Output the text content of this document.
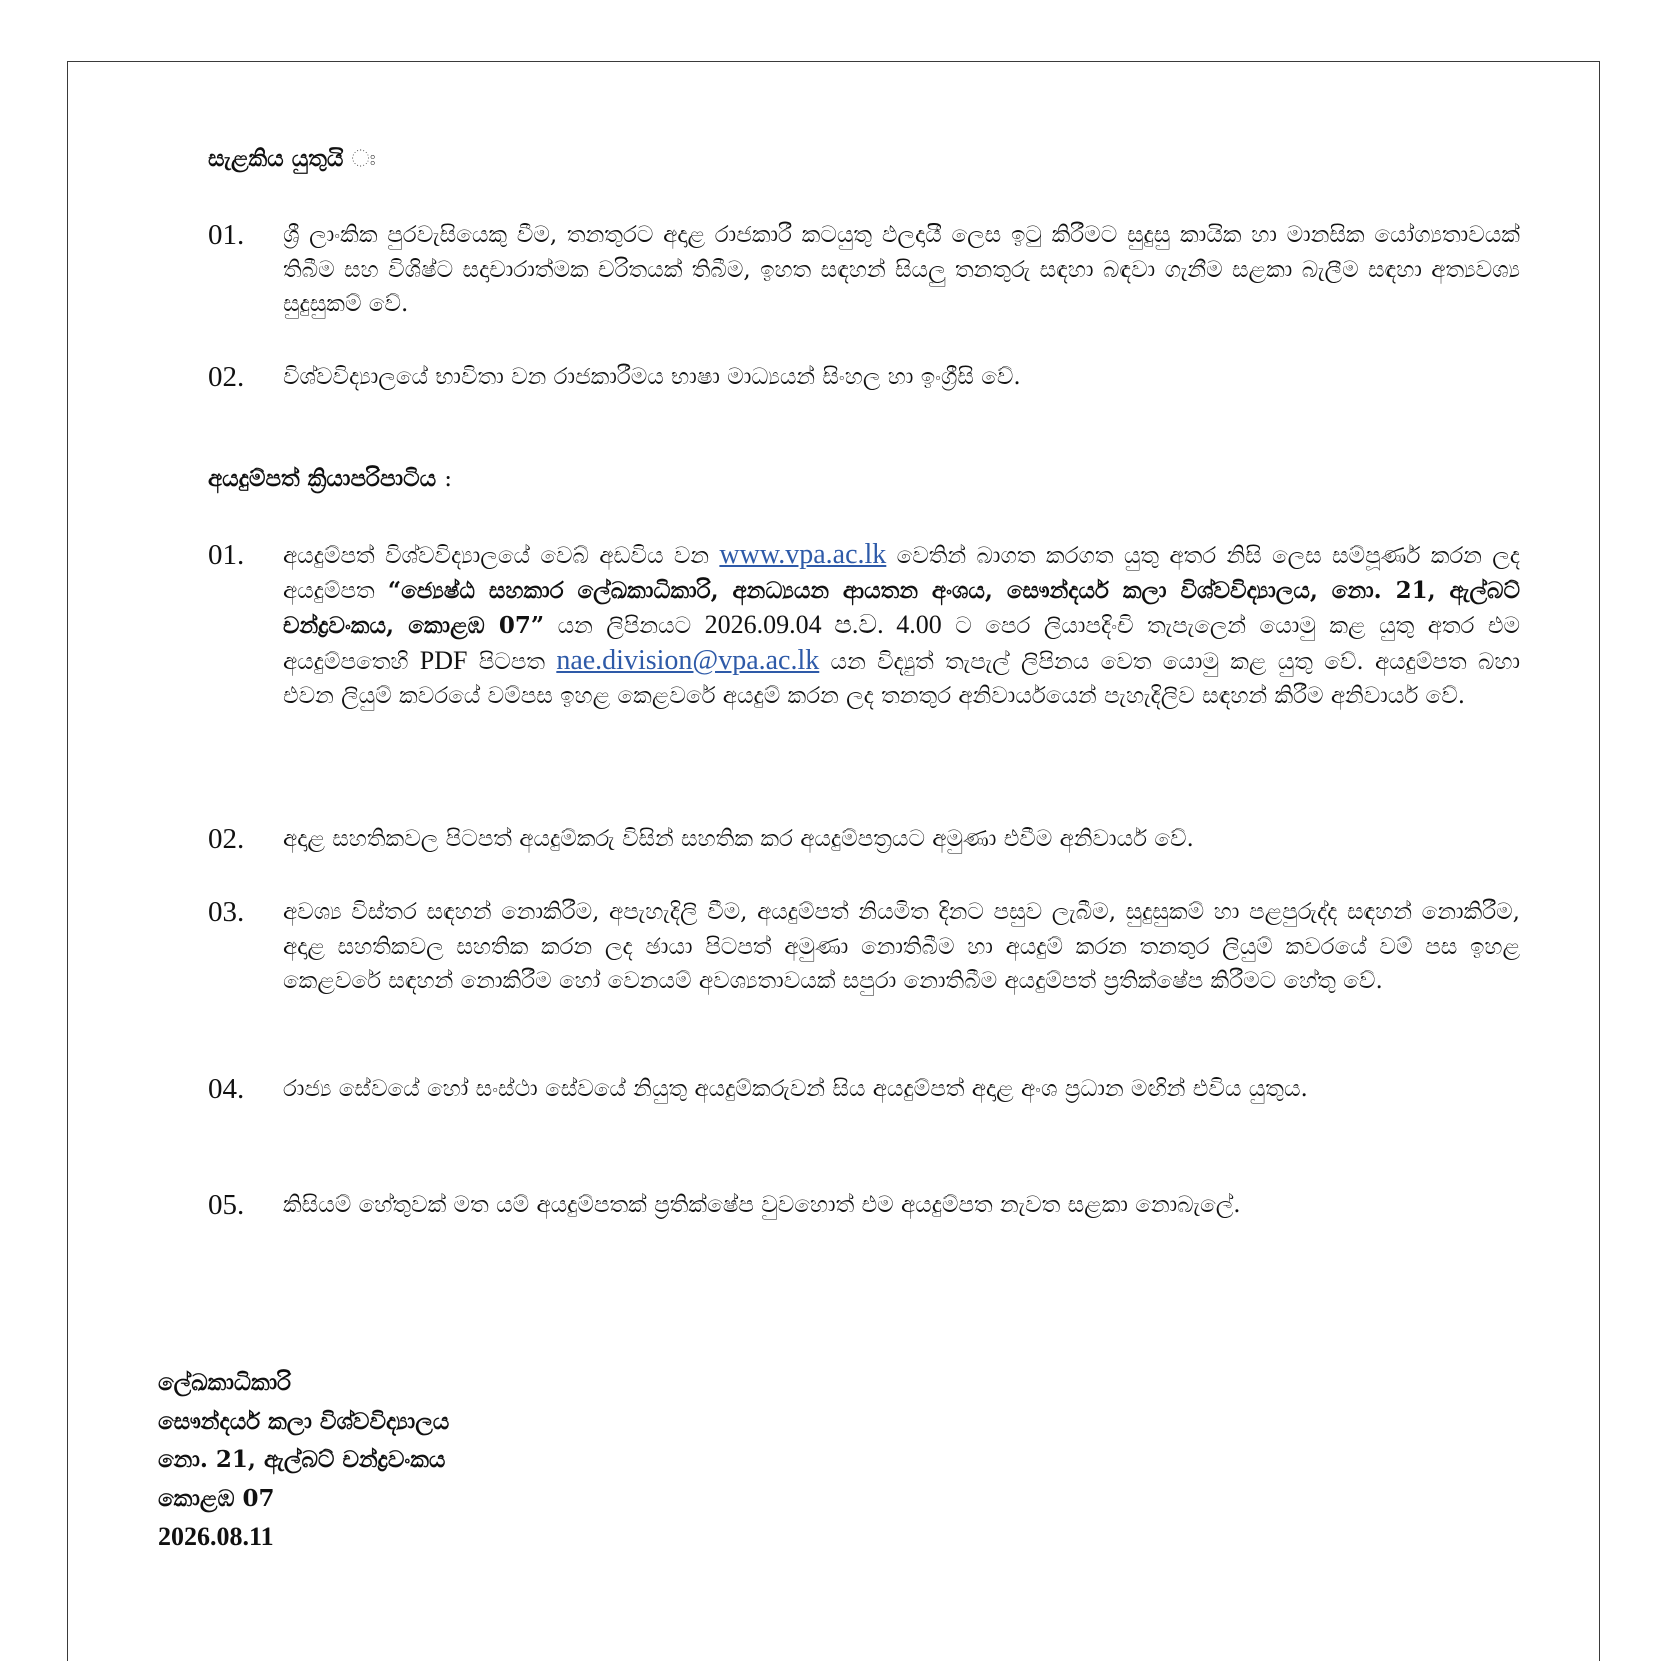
සැළකිය යුතුයි ඃ
01. ශ්‍රී ලාංකික පුරවැසියෙකු වීම, තනතුරට අදාළ රාජකාරී කටයුතු ඵලදායී ලෙස ඉටු කිරීමට සුදුසු කායික හා මානසික යෝග්‍යතාවයක් තිබීම සහ විශිෂ්ට සදාචාරාත්මක චරිතයක් තිබීම, ඉහත සඳහන් සියලු තනතුරු සඳහා බඳවා ගැනීම සළකා බැලීම සඳහා අත්‍යවශ්‍ය සුදුසුකම් වේ.
02. විශ්වවිද්‍යාලයේ භාවිතා වන රාජකාරීමය භාෂා මාධ්‍යයන් සිංහල හා ඉංග්‍රීසි වේ.
අයදුම්පත් ක්‍රියාපරිපාටිය :
01. අයදුම්පත් විශ්වවිද්‍යාලයේ වෙබ් අඩවිය වන www.vpa.ac.lk වෙතින් බාගත කරගත යුතු අතර නිසි ලෙස සම්පූර්ණ කරන ලද අයදුම්පත “ජ්‍යෙෂ්ඨ සහකාර ලේඛකාධිකාරි, අනධ්‍යයන ආයතන අංශය, සෞන්දර්ය කලා විශ්වවිද්‍යාලය, නො. 21, ඇල්බට් චන්ද්‍රවංකය, කොළඹ 07” යන ලිපිනයට 2026.09.04 ප.ව. 4.00 ට පෙර ලියාපදිංචි තැපැලෙන් යොමු කළ යුතු අතර එම අයදුම්පතෙහි PDF පිටපත nae.division@vpa.ac.lk යන විද්‍යුත් තැපැල් ලිපිනය වෙත යොමු කළ යුතු වේ. අයදුම්පත බහා එවන ලියුම් කවරයේ වම්පස ඉහළ කෙළවරේ අයදුම් කරන ලද තනතුර අනිවාර්යයෙන් පැහැදිලිව සඳහන් කිරීම අනිවාර්ය වේ.
02. අදාළ සහතිකවල පිටපත් අයදුම්කරු විසින් සහතික කර අයදුම්පත්‍රයට අමුණා එවීම අනිවාර්ය වේ.
03. අවශ්‍ය විස්තර සඳහන් නොකිරීම, අපැහැදිලි වීම, අයදුම්පත් නියමිත දිනට පසුව ලැබීම, සුදුසුකම් හා පළපුරුද්ද සඳහන් නොකිරීම, අදාළ සහතිකවල සහතික කරන ලද ඡායා පිටපත් අමුණා නොතිබීම හා අයදුම් කරන තනතුර ලියුම් කවරයේ වම් පස ඉහළ කෙළවරේ සඳහන් නොකිරීම හෝ වෙනයම් අවශ්‍යතාවයක් සපුරා නොතිබීම අයදුම්පත් ප්‍රතික්ෂේප කිරීමට හේතු වේ.
04. රාජ්‍ය සේවයේ හෝ සංස්ථා සේවයේ නියුතු අයදුම්කරුවන් සිය අයදුම්පත් අදාළ අංශ ප්‍රධාන මඟින් එවිය යුතුය.
05. කිසියම් හේතුවක් මත යම් අයදුම්පතක් ප්‍රතික්ෂේප වුවහොත් එම අයදුම්පත නැවත සළකා නොබැලේ.
ලේඛකාධිකාරි
සෞන්දර්ය කලා විශ්වවිද්‍යාලය
නො. 21, ඇල්බට් චන්ද්‍රවංකය
කොළඹ 07
2026.08.11
